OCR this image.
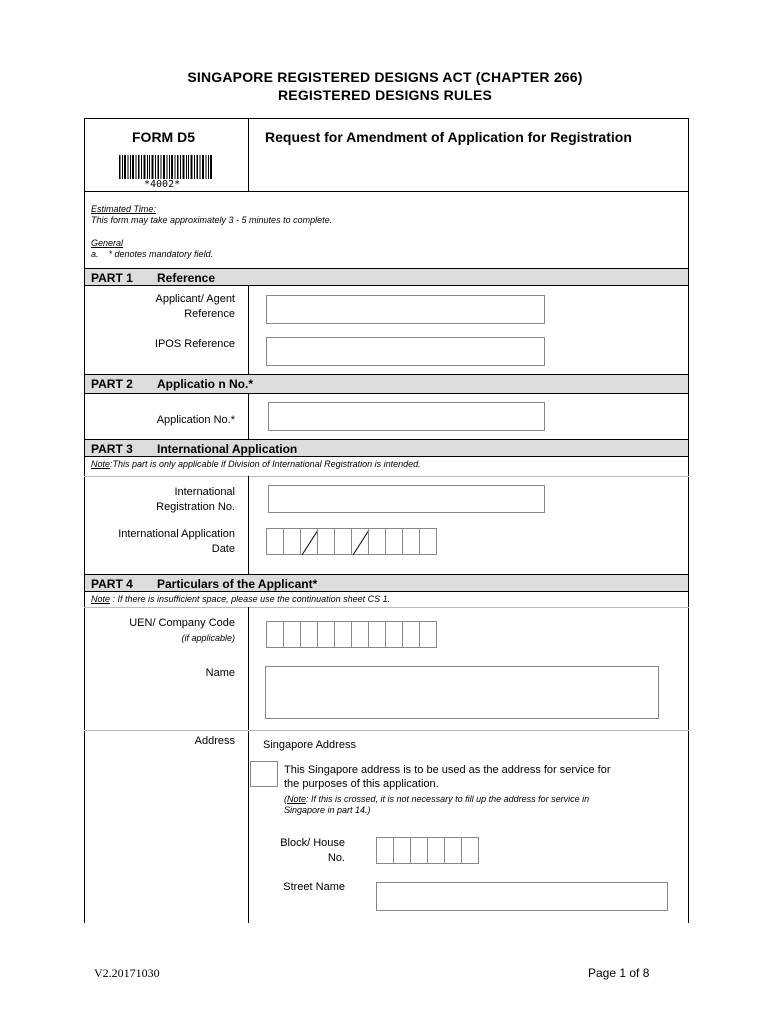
SINGAPORE REGISTERED DESIGNS ACT (CHAPTER 266)
REGISTERED DESIGNS RULES
FORM D5	Request for Amendment of Application for Registration
*4002*
Estimated Time:
This form may take approximately 3 - 5 minutes to complete.
General
a.    * denotes mandatory field.
PART 1 Reference
Applicant/ Agent
Reference
IPOS Reference
PART 2 Applicatio n No.*
Application No.*
PART 3 International Application
Note:This part is only applicable if Division of International Registration is intended.
International
Registration No.
International Application
Date
PART 4 Particulars of the Applicant*
Note : If there is insufficient space, please use the continuation sheet CS 1.
UEN/ Company Code
(if applicable)
Name
Address	Singapore Address
This Singapore address is to be used as the address for service for
the purposes of this application.
(Note: If this is crossed, it is not necessary to fill up the address for service in
Singapore in part 14.)
Block/ House
No.
Street Name
V2.20171030	Page 1 of 8
